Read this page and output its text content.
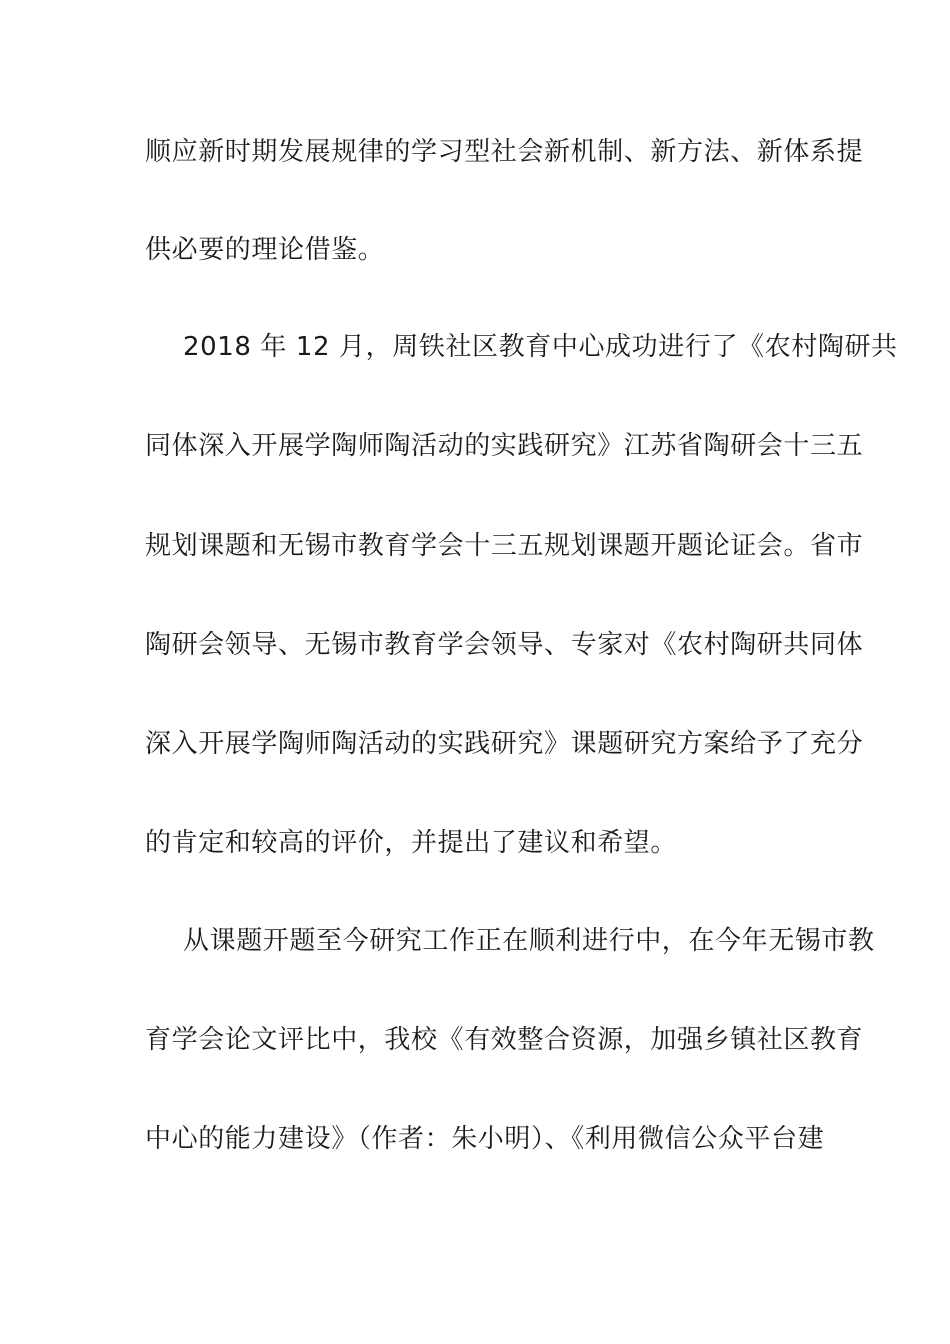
顺应新时期发展规律的学习型社会新机制、新方法、新体系提
供必要的理论借鉴。
2018 年 12 月，周铁社区教育中心成功进行了《农村陶研共
同体深入开展学陶师陶活动的实践研究》江苏省陶研会十三五
规划课题和无锡市教育学会十三五规划课题开题论证会。省市
陶研会领导、无锡市教育学会领导、专家对《农村陶研共同体
深入开展学陶师陶活动的实践研究》课题研究方案给予了充分
的肯定和较高的评价，并提出了建议和希望。
从课题开题至今研究工作正在顺利进行中，在今年无锡市教
育学会论文评比中，我校《有效整合资源，加强乡镇社区教育
中心的能力建设》（作者：朱小明）、《利用微信公众平台建
